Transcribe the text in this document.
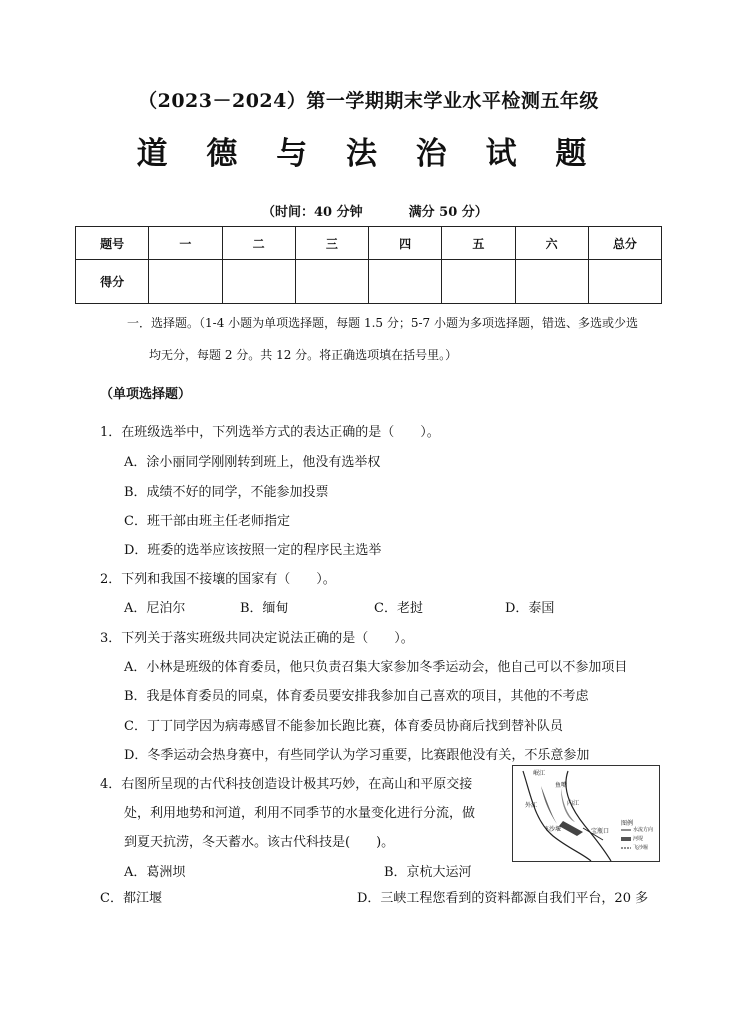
（2023－2024）第一学期期末学业水平检测五年级
道 德 与 法 治 试 题
（时间：40 分钟	满分 50 分）
题号	一	二	三	四	五	六	总分
得分							
一．选择题。（1-4 小题为单项选择题，每题 1.5 分；5-7 小题为多项选择题，错选、多选或少选
均无分，每题 2 分。共 12 分。将正确选项填在括号里。）
（单项选择题）
1．在班级选举中，下列选举方式的表达正确的是（　　）。
A．涂小丽同学刚刚转到班上，他没有选举权
B．成绩不好的同学，不能参加投票
C．班干部由班主任老师指定
D．班委的选举应该按照一定的程序民主选举
2．下列和我国不接壤的国家有（　　）。
A．尼泊尔	B．缅甸	C．老挝	D．泰国
3．下列关于落实班级共同决定说法正确的是（　　）。
A．小林是班级的体育委员，他只负责召集大家参加冬季运动会，他自己可以不参加项目
B．我是体育委员的同桌，体育委员要安排我参加自己喜欢的项目，其他的不考虑
C．丁丁同学因为病毒感冒不能参加长跑比赛，体育委员协商后找到替补队员
D．冬季运动会热身赛中，有些同学认为学习重要，比赛跟他没有关，不乐意参加
4．右图所呈现的古代科技创造设计极其巧妙，在高山和平原交接
处，利用地势和河道，利用不同季节的水量变化进行分流，做
到夏天抗涝，冬天蓄水。该古代科技是(　　)。
A．葛洲坝	B．京杭大运河
C．都江堰	D．三峡工程您看到的资料都源自我们平台，20 多
岷江
鱼嘴
内江
外江
宝瓶口
飞沙堰
图例
水流方向
河堤
飞沙堰
